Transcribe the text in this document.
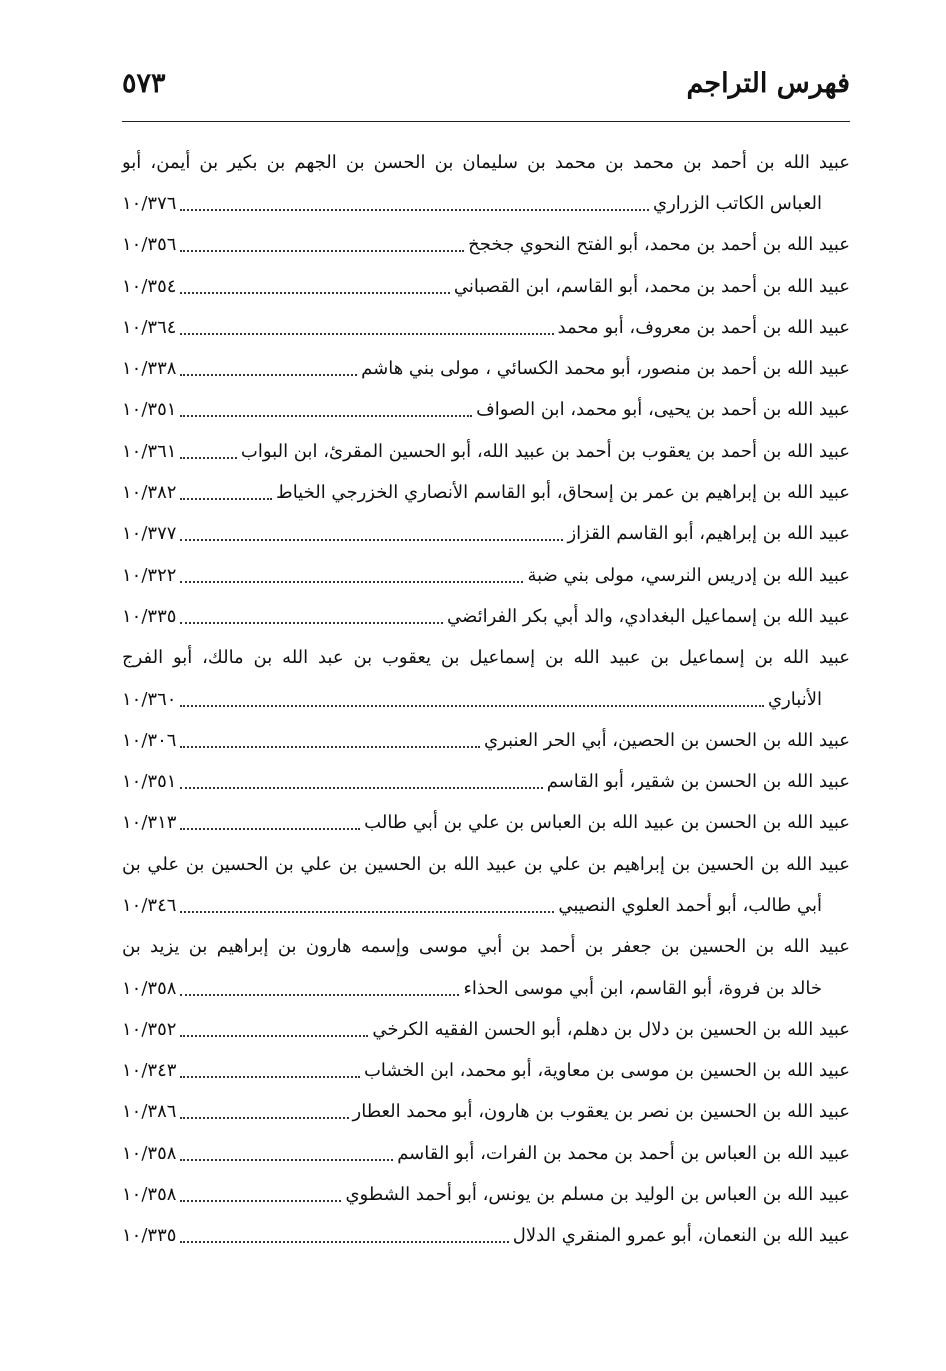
فهرس التراجم
٥٧٣
عبيد الله بن أحمد بن محمد بن محمد بن سليمان بن الحسن بن الجهم بن بكير بن أيمن، أبو
العباس الكاتب الزراري
١٠/٣٧٦
عبيد الله بن أحمد بن محمد، أبو الفتح النحوي جخجخ
١٠/٣٥٦
عبيد الله بن أحمد بن محمد، أبو القاسم، ابن القصباني
١٠/٣٥٤
عبيد الله بن أحمد بن معروف، أبو محمد
١٠/٣٦٤
عبيد الله بن أحمد بن منصور، أبو محمد الكسائي ، مولى بني هاشم
١٠/٣٣٨
عبيد الله بن أحمد بن يحيى، أبو محمد، ابن الصواف
١٠/٣٥١
عبيد الله بن أحمد بن يعقوب بن أحمد بن عبيد الله، أبو الحسين المقرئ، ابن البواب
١٠/٣٦١
عبيد الله بن إبراهيم بن عمر بن إسحاق، أبو القاسم الأنصاري الخزرجي الخياط
١٠/٣٨٢
عبيد الله بن إبراهيم، أبو القاسم القزاز
١٠/٣٧٧
عبيد الله بن إدريس النرسي، مولى بني ضبة
١٠/٣٢٢
عبيد الله بن إسماعيل البغدادي، والد أبي بكر الفرائضي
١٠/٣٣٥
عبيد الله بن إسماعيل بن عبيد الله بن إسماعيل بن يعقوب بن عبد الله بن مالك، أبو الفرج
الأنباري
١٠/٣٦٠
عبيد الله بن الحسن بن الحصين، أبي الحر العنبري
١٠/٣٠٦
عبيد الله بن الحسن بن شقير، أبو القاسم
١٠/٣٥١
عبيد الله بن الحسن بن عبيد الله بن العباس بن علي بن أبي طالب
١٠/٣١٣
عبيد الله بن الحسين بن إبراهيم بن علي بن عبيد الله بن الحسين بن علي بن الحسين بن علي بن
أبي طالب، أبو أحمد العلوي النصيبي
١٠/٣٤٦
عبيد الله بن الحسين بن جعفر بن أحمد بن أبي موسى وإسمه هارون بن إبراهيم بن يزيد بن
خالد بن فروة، أبو القاسم، ابن أبي موسى الحذاء
١٠/٣٥٨
عبيد الله بن الحسين بن دلال بن دهلم، أبو الحسن الفقيه الكرخي
١٠/٣٥٢
عبيد الله بن الحسين بن موسى بن معاوية، أبو محمد، ابن الخشاب
١٠/٣٤٣
عبيد الله بن الحسين بن نصر بن يعقوب بن هارون، أبو محمد العطار
١٠/٣٨٦
عبيد الله بن العباس بن أحمد بن محمد بن الفرات، أبو القاسم
١٠/٣٥٨
عبيد الله بن العباس بن الوليد بن مسلم بن يونس، أبو أحمد الشطوي
١٠/٣٥٨
عبيد الله بن النعمان، أبو عمرو المنقري الدلال
١٠/٣٣٥
